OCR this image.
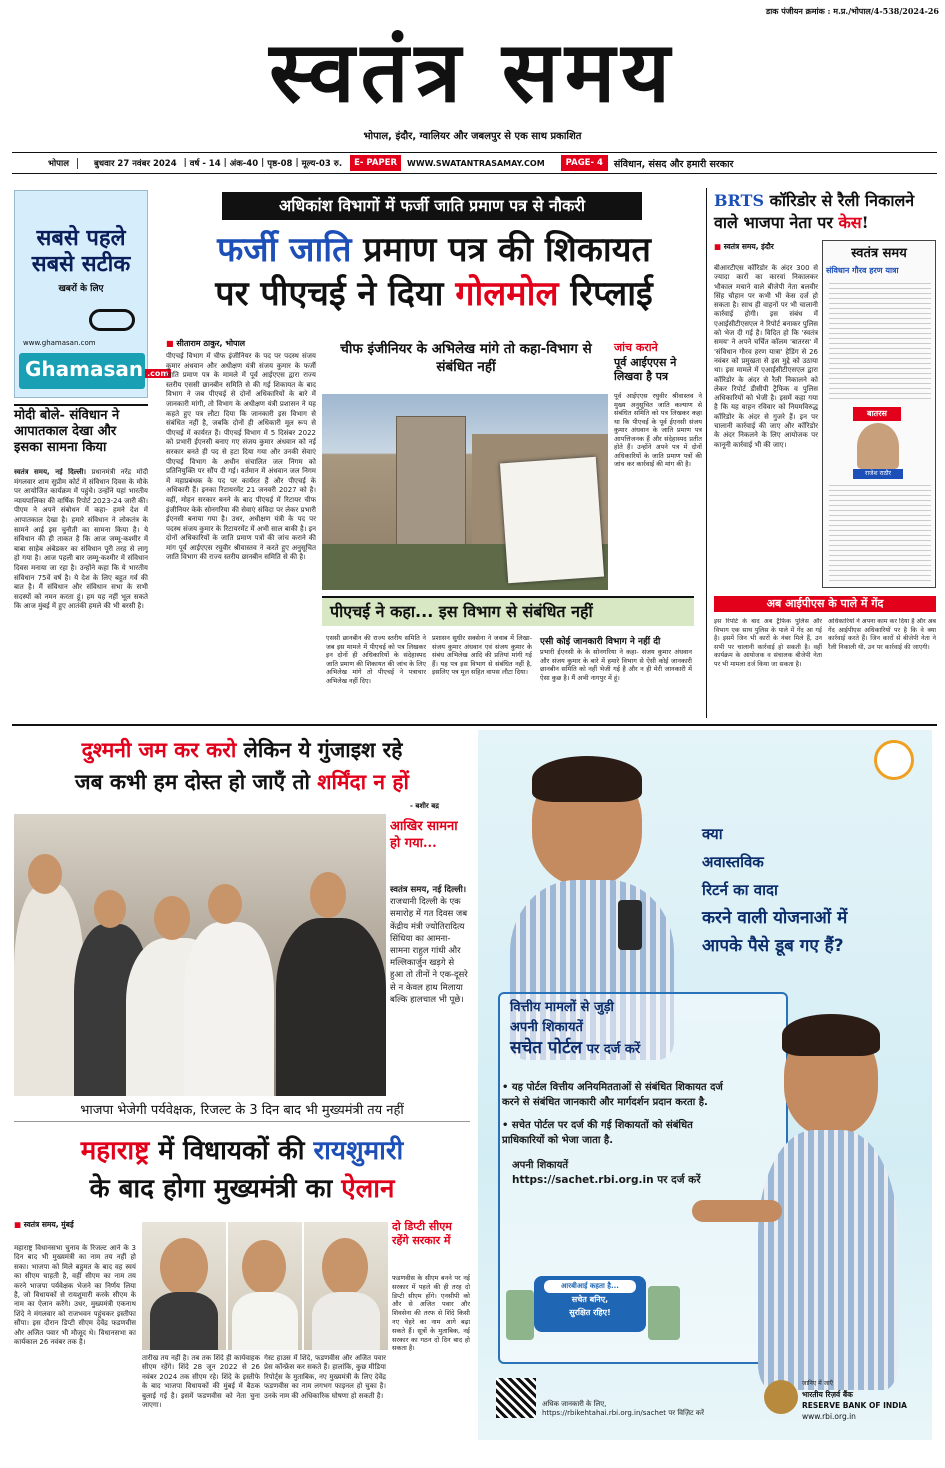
डाक पंजीयन क्रमांक : म.प्र./भोपाल/4-538/2024-26
स्वतंत्र समय
भोपाल, इंदौर, ग्वालियर और जबलपुर से एक साथ प्रकाशित
भोपाल	बुधवार 27 नवंबर 2024 | वर्ष - 14 | अंक-40 | पृष्ठ-08 | मूल्य-03 रु.	E- PAPER	WWW.SWATANTRASAMAY.COM	PAGE- 4	संविधान, संसद और हमारी सरकार
सबसे पहले
सबसे सटीक
खबरों के लिए
www.ghamasan.com
Ghamasan .com
मोदी बोले- संविधान ने आपातकाल देखा और इसका सामना किया
स्वतंत्र समय, नई दिल्ली। प्रधानमंत्री नरेंद्र मोदी मंगलवार शाम सुप्रीम कोर्ट में संविधान दिवस के मौके पर आयोजित कार्यक्रम में पहुंचे। उन्होंने यहां भारतीय न्यायपालिका की वार्षिक रिपोर्ट 2023-24 जारी की। पीएम ने अपने संबोधन में कहा- हमने देश में आपातकाल देखा है। हमारे संविधान ने लोकतंत्र के सामने आई इस चुनौती का सामना किया है। ये संविधान की ही ताकत है कि आज जम्मू-कश्मीर में बाबा साहेब अंबेडकर का संविधान पूरी तरह से लागू हो गया है। आज पहली बार जम्मू-कश्मीर में संविधान दिवस मनाया जा रहा है। उन्होंने कहा कि ये भारतीय संविधान 75वें वर्ष है। ये देश के लिए बहुत गर्व की बात है। मैं संविधान और संविधान सभा के सभी सदस्यों को नमन करता हूं। हम यह नहीं भूल सकते कि आज मुंबई में हुए आतंकी हमले की भी बरसी है।
अधिकांश विभागों में फर्जी जाति प्रमाण पत्र से नौकरी
फर्जी जाति प्रमाण पत्र की शिकायत
पर पीएचई ने दिया गोलमोल रिप्लाई
■ सीताराम ठाकुर, भोपाल
पीएचई विभाग में चीफ इंजीनियर के पद पर पदस्थ संजय कुमार अंधवान और अधीक्षण यंत्री संजय कुमार के फर्जी जाति प्रमाण पत्र के मामले में पूर्व आईएएस द्वारा राज्य स्तरीय एससी छानबीन समिति से की गई शिकायत के बाद विभाग ने जब पीएचई से दोनों अधिकारियों के बारे में जानकारी मांगी, तो विभाग के अधीक्षण यंत्री प्रशासन ने यह कहते हुए पत्र लौटा दिया कि जानकारी इस विभाग से संबंधित नहीं है, जबकि दोनों ही अधिकारी मूल रूप से पीएचई में कार्यरत हैं। पीएचई विभाग में 5 दिसंबर 2022 को प्रभारी ईएनसी बनाए गए संजय कुमार अंधवान को नई सरकार बनते ही पद से हटा दिया गया और उनकी सेवाएं पीएचई विभाग के अधीन संचालित जल निगम को प्रतिनियुक्ति पर सौंप दी गई। वर्तमान में अंधवान जल निगम में महाप्रबंधक के पद पर कार्यरत हैं और पीएचई के अधिकारी हैं। इनका रिटायरमेंट 21 जनवरी 2027 को है। वहीं, मोहन सरकार बनने के बाद पीएचई में रिटायर चीफ इंजीनियर केके सोनगरिया की सेवाएं संविदा पर लेकर प्रभारी ईएनसी बनाया गया है। उधर, अधीक्षण यंत्री के पद पर पदस्थ संजय कुमार के रिटायरमेंट में अभी साल बाकी है। इन दोनों अधिकारियों के जाति प्रमाण पत्रों की जांच कराने की मांग पूर्व आईएएस रघुवीर श्रीवास्तव ने करते हुए अनुसूचित जाति विभाग की राज्य स्तरीय छानबीन समिति से की है।
चीफ इंजीनियर के अभिलेख मांगे तो कहा-विभाग से संबंधित नहीं
जांच कराने
पूर्व आईएएस ने लिखवा है पत्र
पूर्व आईएएस रघुवीर श्रीवास्तव ने मुख्य अनुसूचित जाति कल्याण से संबंधित समिति को पत्र लिखकर कहा था कि पीएचई के पूर्व ईएनसी संजय कुमार अंधवान के जाति प्रमाण पत्र आपत्तिजनक हैं और संदेहास्पद प्रतीत होते हैं। उन्होंने अपने पत्र में दोनों अधिकारियों के जाति प्रमाण पत्रों की जांच कर कार्रवाई की मांग की है।
पीएचई ने कहा... इस विभाग से संबंधित नहीं
एससी छानबीन की राज्य स्तरीय समिति ने जब इस मामले में पीएचई को पत्र लिखकर इन दोनों ही अधिकारियों के संदेहास्पद जाति प्रमाण की शिकायत की जांच के लिए अभिलेख मांगे तो पीएचई ने पत्राचार अभिलेख नहीं दिए।
प्रशासन सुधीर सक्सेना ने जवाब में लिखा- संजय कुमार अंधवान एवं संजय कुमार के संबंध अभिलेख आदि की प्रतियां मांगी गई हैं। यह पत्र इस विभाग से संबंधित नहीं है, इसलिए पत्र मूल सहित वापस लौटा दिया।
एसी कोई जानकारी विभाग ने नहीं दी
प्रभारी ईएनसी के के सोनगरिया ने कहा- संजय कुमार अंधवान और संजय कुमार के बारे में हमारे विभाग से ऐसी कोई जानकारी छानबीन समिति को नहीं भेजी गई है और न ही मेरी जानकारी में ऐसा कुछ है। मैं अभी नागपुर में हूं।
BRTS कॉरिडोर से रैली निकालने वाले भाजपा नेता पर केस!
■ स्वतंत्र समय, इंदौर
बीआरटीएस कॉरिडोर के अंदर 300 से ज्यादा कारों का कारवां निकालकर भौकाल मचाने वाले बीजेपी नेता बलवीर सिंह चौहान पर कभी भी केस दर्ज हो सकता है। साथ ही वाहनों पर भी चालानी कार्रवाई होगी। इस संबंध में एआईसीटीएसएल ने रिपोर्ट बनाकर पुलिस को भेज दी गई है। विदित हो कि 'स्वतंत्र समय' ने अपने चर्चित कॉलम 'बातरस' में 'संविधान गौरव हरण यात्रा' हेडिंग से 26 नवंबर को प्रमुखता से इस मुद्दे को उठाया था। इस मामले में एआईसीटीएसएल द्वारा कॉरिडोर के अंदर से रैली निकालने को लेकर रिपोर्ट डीसीपी ट्रैफिक व पुलिस अधिकारियों को भेजी है। इसमें कहा गया है कि यह वाहन रविवार को नियमविरुद्ध कॉरिडोर के अंदर से गुजरे हैं। इन पर चालानी कार्रवाई की जाए और कॉरिडोर के अंदर निकलने के लिए आयोजक पर कानूनी कार्रवाई भी की जाए।
स्वतंत्र समय
संविधान गौरव हरण यात्रा
बातरस
राजेश राठौर
अब आईपीएस के पाले में गेंद
इस रिपोर्ट के बाद अब ट्रैफिक पुलिस और विभाग एक साथ पुलिस के पाले में गेंद आ गई है। इसमें जिन भी कारों के नंबर मिले हैं, उन सभी पर चालानी कार्रवाई हो सकती है। वहीं कार्यक्रम के आयोजक व संचालक बीजेपी नेता पर भी मामला दर्ज किया जा सकता है।
अधिकारियों ने अपना काम कर दिया है और अब गेंद आईपीएस अधिकारियों पर है कि वे क्या कार्रवाई करते हैं। जिन कारों से बीजेपी नेता ने रैली निकाली थी, उन पर कार्रवाई की जाएगी।
दुश्मनी जम कर करो लेकिन ये गुंजाइश रहे
जब कभी हम दोस्त हो जाएँ तो शर्मिंदा न हों
- बशीर बद्र
आखिर सामना हो गया...
स्वतंत्र समय, नई दिल्ली। राजधानी दिल्ली के एक समारोह में गत दिवस जब केंद्रीय मंत्री ज्योतिरादित्य सिंधिया का आमना-सामना राहुल गांधी और मल्लिकार्जुन खड़गे से हुआ तो तीनों ने एक-दूसरे से न केवल हाथ मिलाया बल्कि हालचाल भी पूछे।
भाजपा भेजेगी पर्यवेक्षक, रिजल्ट के 3 दिन बाद भी मुख्यमंत्री तय नहीं
महाराष्ट्र में विधायकों की रायशुमारी
के बाद होगा मुख्यमंत्री का ऐलान
■ स्वतंत्र समय, मुंबई
महाराष्ट्र विधानसभा चुनाव के रिजल्ट आने के 3 दिन बाद भी मुख्यमंत्री का नाम तय नहीं हो सका। भाजपा को मिले बहुमत के बाद वह स्वयं का सीएम चाहती है, वहीं सीएम का नाम तय करने भाजपा पर्यवेक्षक भेजने का निर्णय लिया है, जो विधायकों से रायशुमारी करके सीएम के नाम का ऐलान करेंगे। उधर, मुख्यमंत्री एकनाथ शिंदे ने मंगलवार को राजभवन पहुंचकर इस्तीफा सौंपा। इस दौरान डिप्टी सीएम देवेंद्र फडणवीस और अजित पवार भी मौजूद थे। विधानसभा का कार्यकाल 26 नवंबर तक है।
तारीख तय नहीं है। तब तक शिंदे ही कार्यवाहक सीएम रहेंगे। शिंदे 28 जून 2022 से 26 नवंबर 2024 तक सीएम रहे। शिंदे के इस्तीफे के बाद भाजपा विधायकों की मुंबई में बैठक बुलाई गई है। इसमें फडणवीस को नेता चुना जाएगा।
गेस्ट हाउस में शिंदे, फडणवीस और अजित पवार प्रेस कॉन्फ्रेंस कर सकते हैं। हालांकि, कुछ मीडिया रिपोर्ट्स के मुताबिक, नए मुख्यमंत्री के लिए देवेंद्र फडणवीस का नाम लगभग फाइनल हो चुका है। उनके नाम की अधिकारिक घोषणा हो सकती है।
दो डिप्टी सीएम रहेंगे सरकार में
फडणवीस के सीएम बनने पर नई सरकार में पहले की ही तरह दो डिप्टी सीएम होंगे। एनसीपी को और से अजित पवार और शिवसेना की तरफ से शिंदे किसी नए चेहरे का नाम आगे बढ़ा सकते हैं। सूत्रों के मुताबिक, नई सरकार का गठन दो दिन बाद हो सकता है।
क्या
अवास्तविक
रिटर्न का वादा
करने वाली योजनाओं में
आपके पैसे डूब गए हैं?
वित्तीय मामलों से जुड़ी
अपनी शिकायतें
सचेत पोर्टल पर दर्ज करें
• यह पोर्टल वित्तीय अनियमितताओं से संबंधित शिकायत दर्ज करने से संबंधित जानकारी और मार्गदर्शन प्रदान करता है.
• सचेत पोर्टल पर दर्ज की गई शिकायतों को संबंधित प्राधिकारियों को भेजा जाता है.
अपनी शिकायतें
https://sachet.rbi.org.in पर दर्ज करें
आरबीआई कहता है...
सचेत बनिए,
सुरक्षित रहिए!
अधिक जानकारी के लिए,
https://rbikehtahai.rbi.org.in/sachet पर विज़िट करें
जानिए में जाएँ
भारतीय रिज़र्व बैंक
RESERVE BANK OF INDIA
www.rbi.org.in
